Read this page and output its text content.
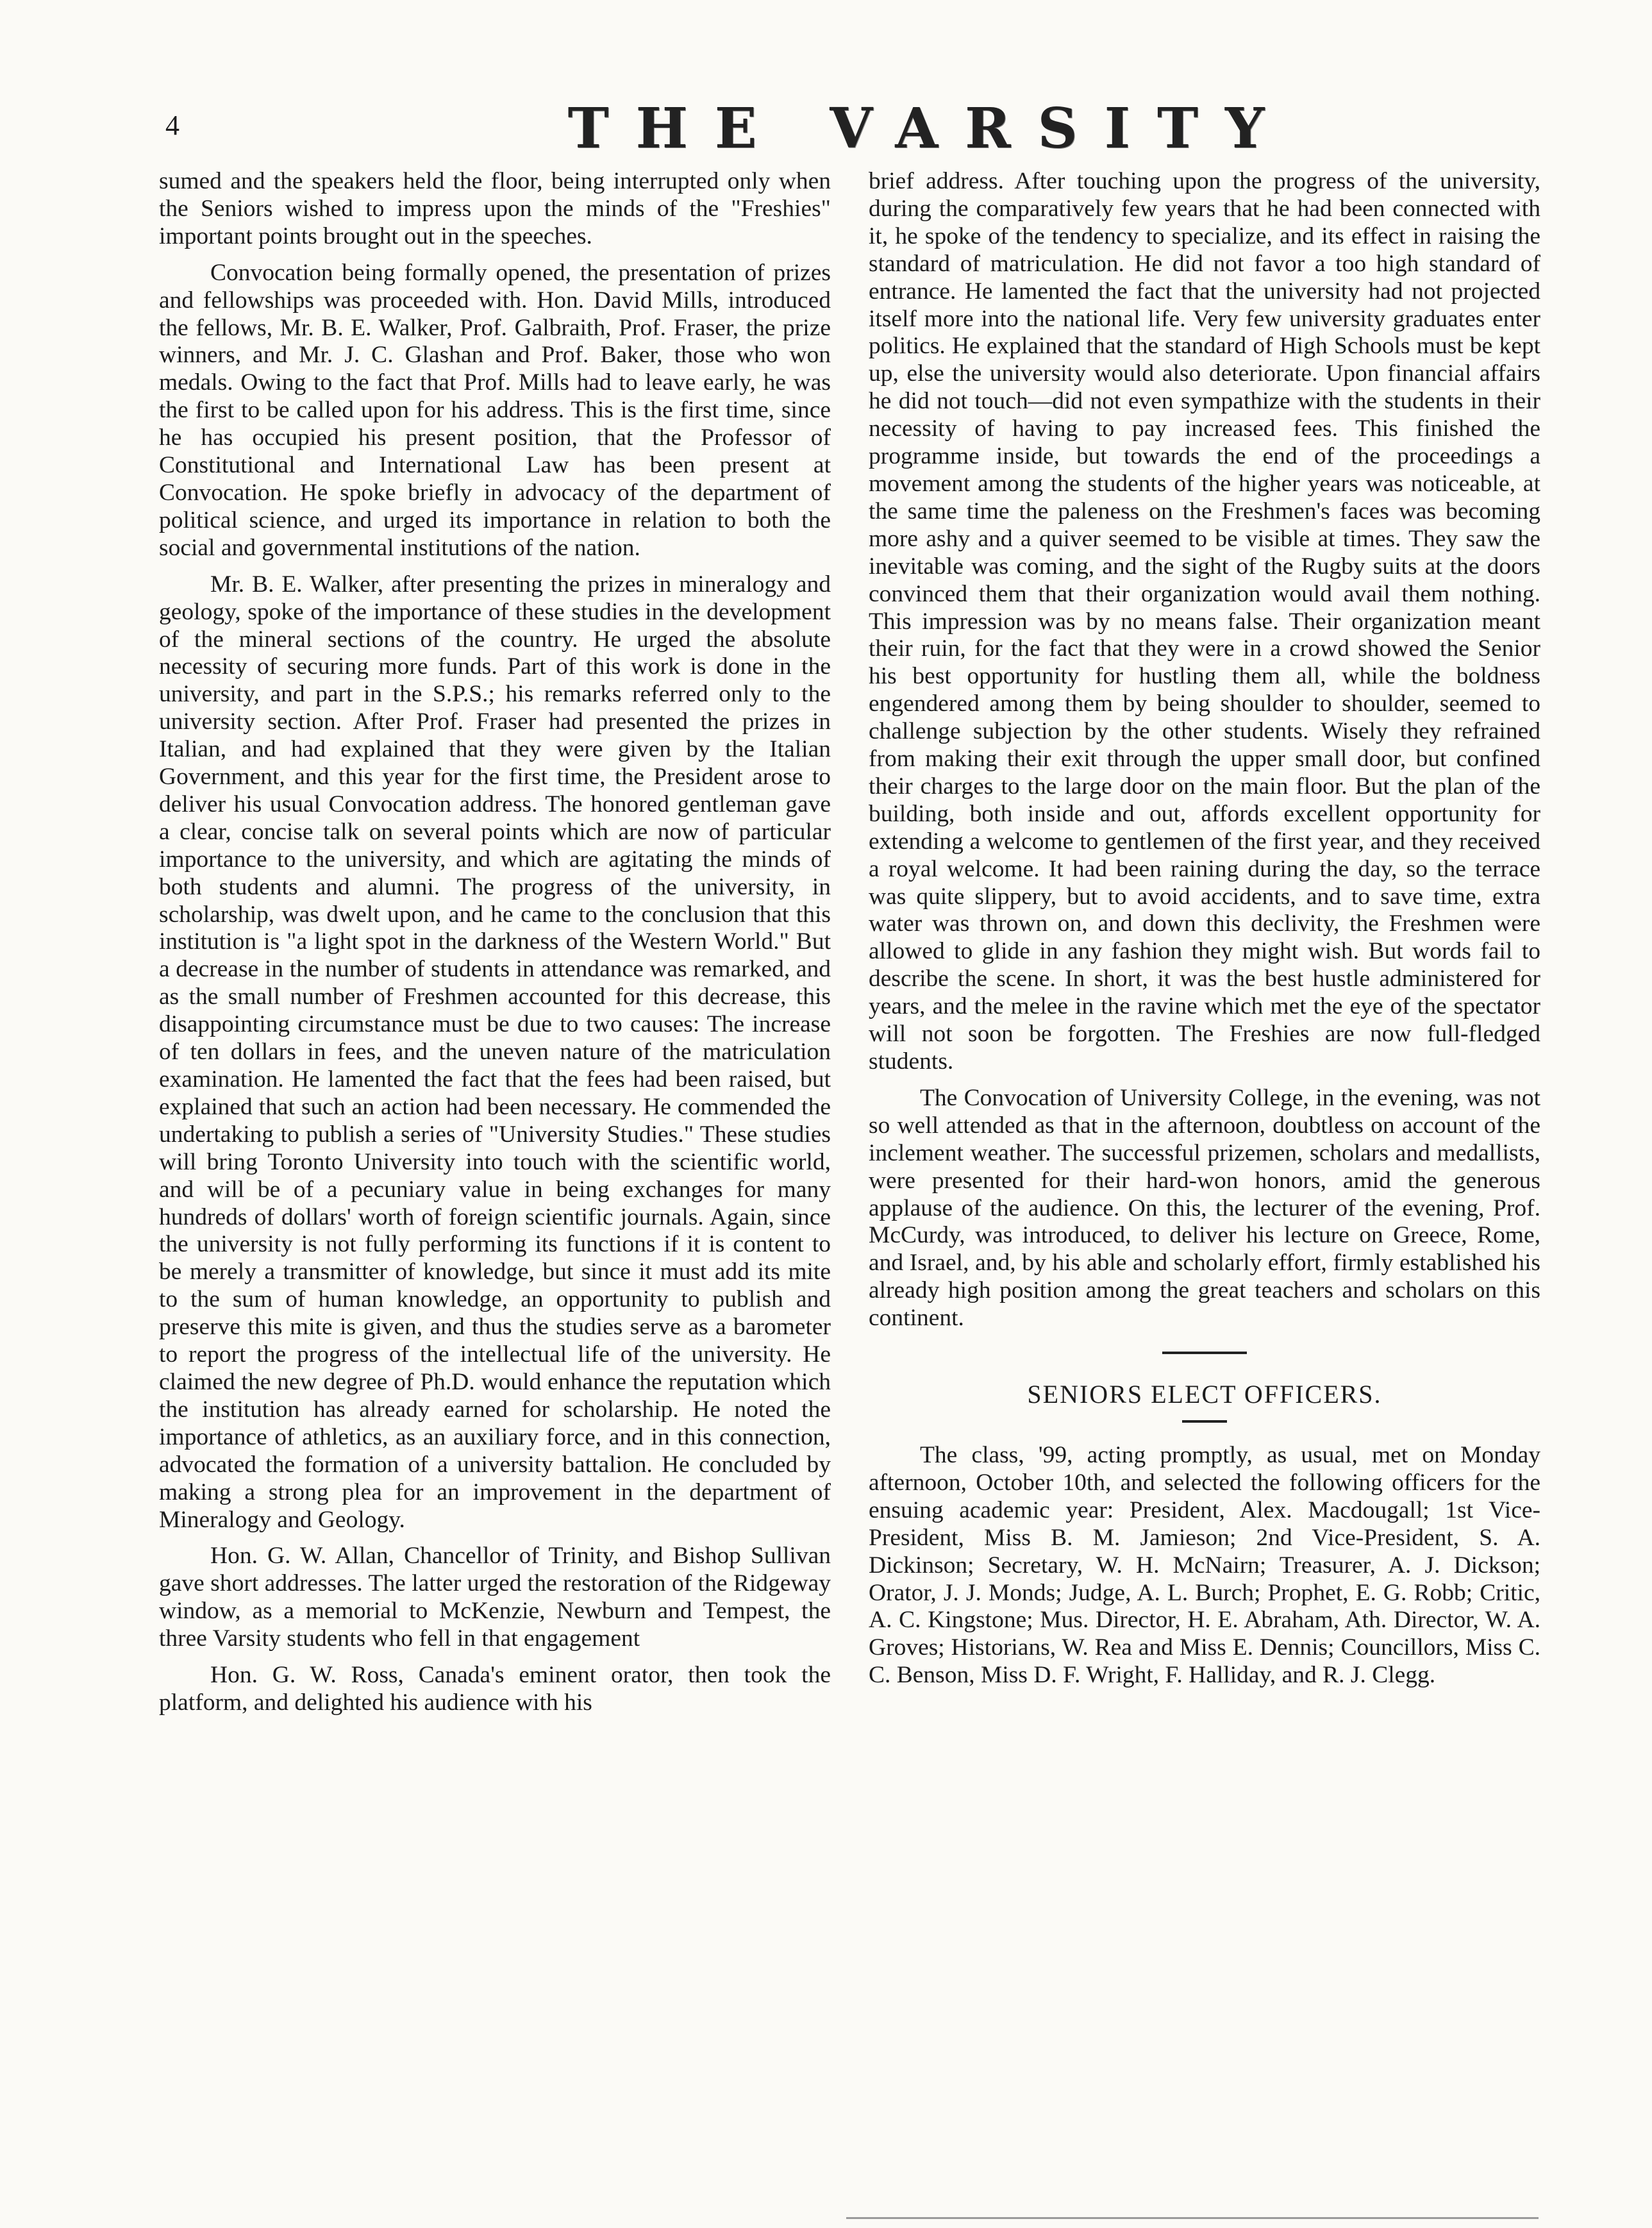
4	THE VARSITY

sumed and the speakers held the floor, being interrupted only when the Seniors wished to impress upon the minds of the "Freshies" important points brought out in the speeches.

Convocation being formally opened, the presentation of prizes and fellowships was proceeded with. Hon. David Mills, introduced the fellows, Mr. B. E. Walker, Prof. Galbraith, Prof. Fraser, the prize winners, and Mr. J. C. Glashan and Prof. Baker, those who won medals. Owing to the fact that Prof. Mills had to leave early, he was the first to be called upon for his address. This is the first time, since he has occupied his present position, that the Professor of Constitutional and International Law has been present at Convocation. He spoke briefly in advocacy of the department of political science, and urged its importance in relation to both the social and governmental institutions of the nation.

Mr. B. E. Walker, after presenting the prizes in mineralogy and geology, spoke of the importance of these studies in the development of the mineral sections of the country. He urged the absolute necessity of securing more funds. Part of this work is done in the university, and part in the S.P.S.; his remarks referred only to the university section. After Prof. Fraser had presented the prizes in Italian, and had explained that they were given by the Italian Government, and this year for the first time, the President arose to deliver his usual Convocation address. The honored gentleman gave a clear, concise talk on several points which are now of particular importance to the university, and which are agitating the minds of both students and alumni. The progress of the university, in scholarship, was dwelt upon, and he came to the conclusion that this institution is "a light spot in the darkness of the Western World." But a decrease in the number of students in attendance was remarked, and as the small number of Freshmen accounted for this decrease, this disappointing circumstance must be due to two causes: The increase of ten dollars in fees, and the uneven nature of the matriculation examination. He lamented the fact that the fees had been raised, but explained that such an action had been necessary. He commended the undertaking to publish a series of "University Studies." These studies will bring Toronto University into touch with the scientific world, and will be of a pecuniary value in being exchanges for many hundreds of dollars' worth of foreign scientific journals. Again, since the university is not fully performing its functions if it is content to be merely a transmitter of knowledge, but since it must add its mite to the sum of human knowledge, an opportunity to publish and preserve this mite is given, and thus the studies serve as a barometer to report the progress of the intellectual life of the university. He claimed the new degree of Ph.D. would enhance the reputation which the institution has already earned for scholarship. He noted the importance of athletics, as an auxiliary force, and in this connection, advocated the formation of a university battalion. He concluded by making a strong plea for an improvement in the department of Mineralogy and Geology.

Hon. G. W. Allan, Chancellor of Trinity, and Bishop Sullivan gave short addresses. The latter urged the restoration of the Ridgeway window, as a memorial to McKenzie, Newburn and Tempest, the three Varsity students who fell in that engagement

Hon. G. W. Ross, Canada's eminent orator, then took the platform, and delighted his audience with his

brief address. After touching upon the progress of the university, during the comparatively few years that he had been connected with it, he spoke of the tendency to specialize, and its effect in raising the standard of matriculation. He did not favor a too high standard of entrance. He lamented the fact that the university had not projected itself more into the national life. Very few university graduates enter politics. He explained that the standard of High Schools must be kept up, else the university would also deteriorate. Upon financial affairs he did not touch—did not even sympathize with the students in their necessity of having to pay increased fees. This finished the programme inside, but towards the end of the proceedings a movement among the students of the higher years was noticeable, at the same time the paleness on the Freshmen's faces was becoming more ashy and a quiver seemed to be visible at times. They saw the inevitable was coming, and the sight of the Rugby suits at the doors convinced them that their organization would avail them nothing. This impression was by no means false. Their organization meant their ruin, for the fact that they were in a crowd showed the Senior his best opportunity for hustling them all, while the boldness engendered among them by being shoulder to shoulder, seemed to challenge subjection by the other students. Wisely they refrained from making their exit through the upper small door, but confined their charges to the large door on the main floor. But the plan of the building, both inside and out, affords excellent opportunity for extending a welcome to gentlemen of the first year, and they received a royal welcome. It had been raining during the day, so the terrace was quite slippery, but to avoid accidents, and to save time, extra water was thrown on, and down this declivity, the Freshmen were allowed to glide in any fashion they might wish. But words fail to describe the scene. In short, it was the best hustle administered for years, and the melee in the ravine which met the eye of the spectator will not soon be forgotten. The Freshies are now full-fledged students.

The Convocation of University College, in the evening, was not so well attended as that in the afternoon, doubtless on account of the inclement weather. The successful prizemen, scholars and medallists, were presented for their hard-won honors, amid the generous applause of the audience. On this, the lecturer of the evening, Prof. McCurdy, was introduced, to deliver his lecture on Greece, Rome, and Israel, and, by his able and scholarly effort, firmly established his already high position among the great teachers and scholars on this continent.

SENIORS ELECT OFFICERS.

The class, '99, acting promptly, as usual, met on Monday afternoon, October 10th, and selected the following officers for the ensuing academic year: President, Alex. Macdougall; 1st Vice-President, Miss B. M. Jamieson; 2nd Vice-President, S. A. Dickinson; Secretary, W. H. McNairn; Treasurer, A. J. Dickson; Orator, J. J. Monds; Judge, A. L. Burch; Prophet, E. G. Robb; Critic, A. C. Kingstone; Mus. Director, H. E. Abraham, Ath. Director, W. A. Groves; Historians, W. Rea and Miss E. Dennis; Councillors, Miss C. C. Benson, Miss D. F. Wright, F. Halliday, and R. J. Clegg.
